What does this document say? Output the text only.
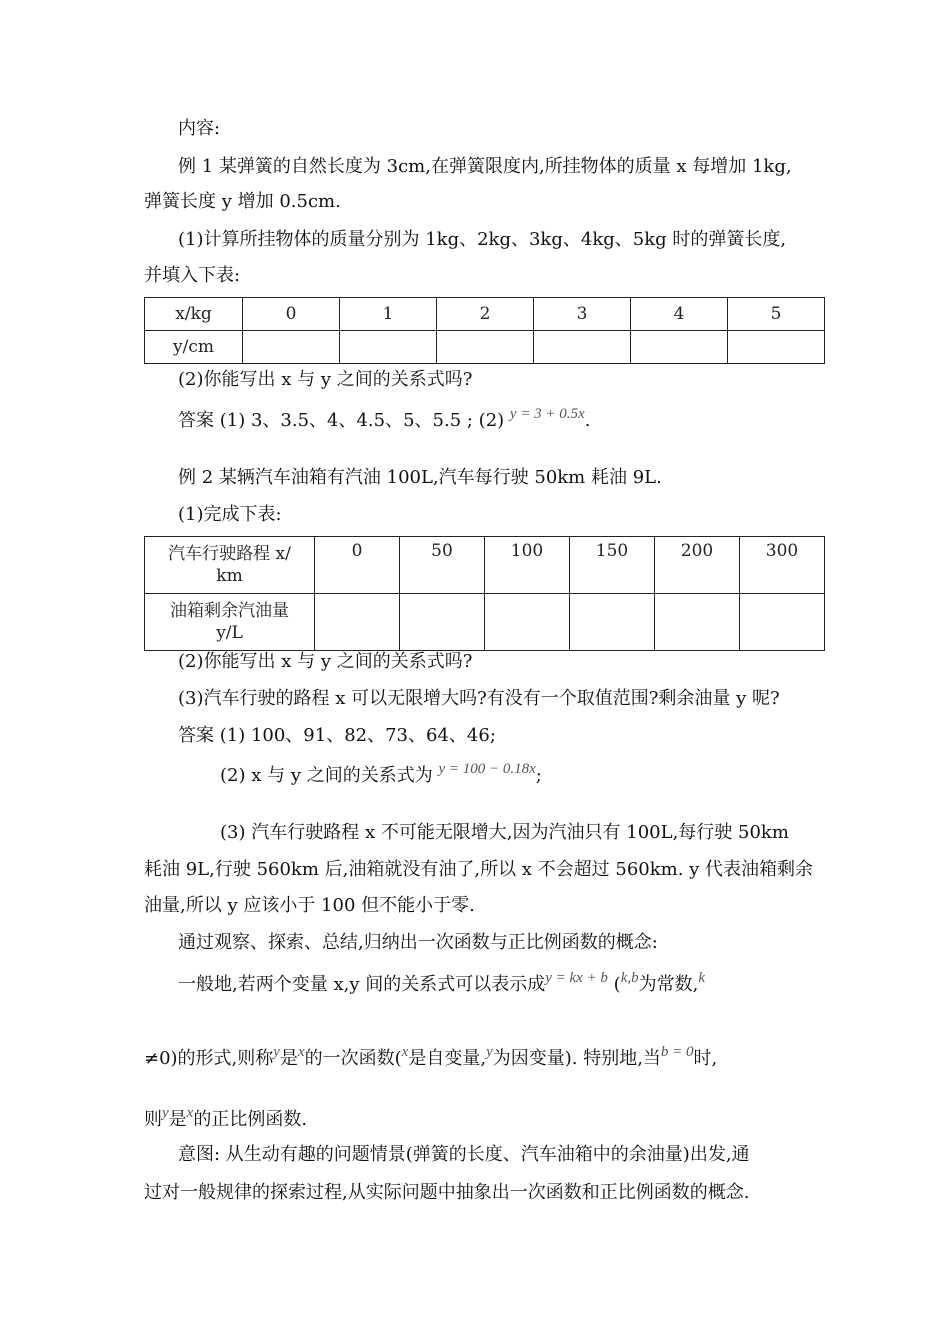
内容:
例 1 某弹簧的自然长度为 3cm,在弹簧限度内,所挂物体的质量 x 每增加 1kg,
弹簧长度 y 增加 0.5cm.
(1)计算所挂物体的质量分别为 1kg、2kg、3kg、4kg、5kg 时的弹簧长度,
并填入下表:
x/kg	0	1	2	3	4	5
y/cm						
(2)你能写出 x 与 y 之间的关系式吗?
答案 (1) 3、3.5、4、4.5、5、5.5 ; (2) $^{y = 3 + 0.5x}$.
例 2 某辆汽车油箱有汽油 100L,汽车每行驶 50km 耗油 9L.
(1)完成下表:
汽车行驶路程 x/
km	0	50	100	150	200	300

油箱剩余汽油量
y/L						

(2)你能写出 x 与 y 之间的关系式吗?
(3)汽车行驶的路程 x 可以无限增大吗?有没有一个取值范围?剩余油量 y 呢?
答案 (1) 100、91、82、73、64、46;
(2) x 与 y 之间的关系式为 $^{y = 100 - 0.18x}$;
(3) 汽车行驶路程 x 不可能无限增大,因为汽油只有 100L,每行驶 50km
耗油 9L,行驶 560km 后,油箱就没有油了,所以 x 不会超过 560km. y 代表油箱剩余
油量,所以 y 应该小于 100 但不能小于零.
通过观察、探索、总结,归纳出一次函数与正比例函数的概念:
一般地,若两个变量 x,y 间的关系式可以表示成$^{y = kx + b}$ ($^{k,b}$为常数,$^k$
≠0)的形式,则称$^y$是$^x$的一次函数($^x$是自变量,$^y$为因变量). 特别地,当$^{b = 0}$时,
则$^y$是$^x$的正比例函数.
意图: 从生动有趣的问题情景(弹簧的长度、汽车油箱中的余油量)出发,通
过对一般规律的探索过程,从实际问题中抽象出一次函数和正比例函数的概念.
